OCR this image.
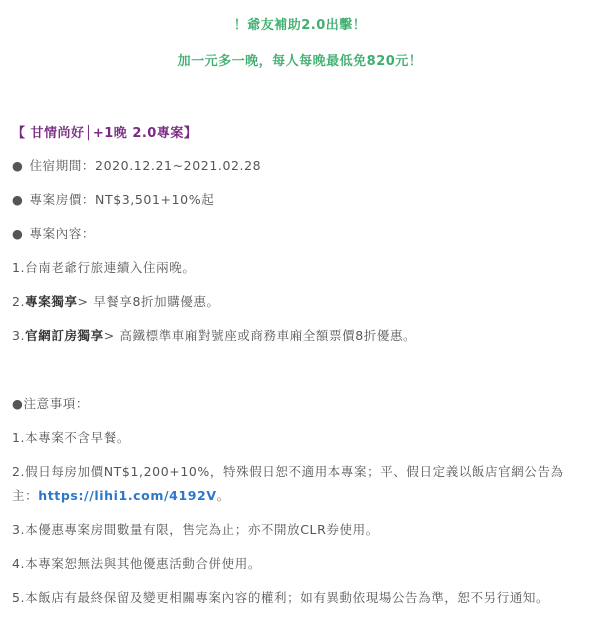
！爺友補助2.0出擊！
加一元多一晚，每人每晚最低免820元！
【 甘情尚好│+1晚 2.0專案】
● 住宿期間：2020.12.21~2021.02.28
● 專案房價：NT$3,501+10%起
● 專案內容：
1.台南老爺行旅連續入住兩晚。
2.專案獨享> 早餐享8折加購優惠。
3.官網訂房獨享> 高鐵標準車廂對號座或商務車廂全額票價8折優惠。
●注意事項：
1.本專案不含早餐。
2.假日每房加價NT$1,200+10%，特殊假日恕不適用本專案；平、假日定義以飯店官網公告為
主：https://lihi1.com/4192V。
3.本優惠專案房間數量有限，售完為止；亦不開放CLR券使用。
4.本專案恕無法與其他優惠活動合併使用。
5.本飯店有最終保留及變更相關專案內容的權利；如有異動依現場公告為準，恕不另行通知。
